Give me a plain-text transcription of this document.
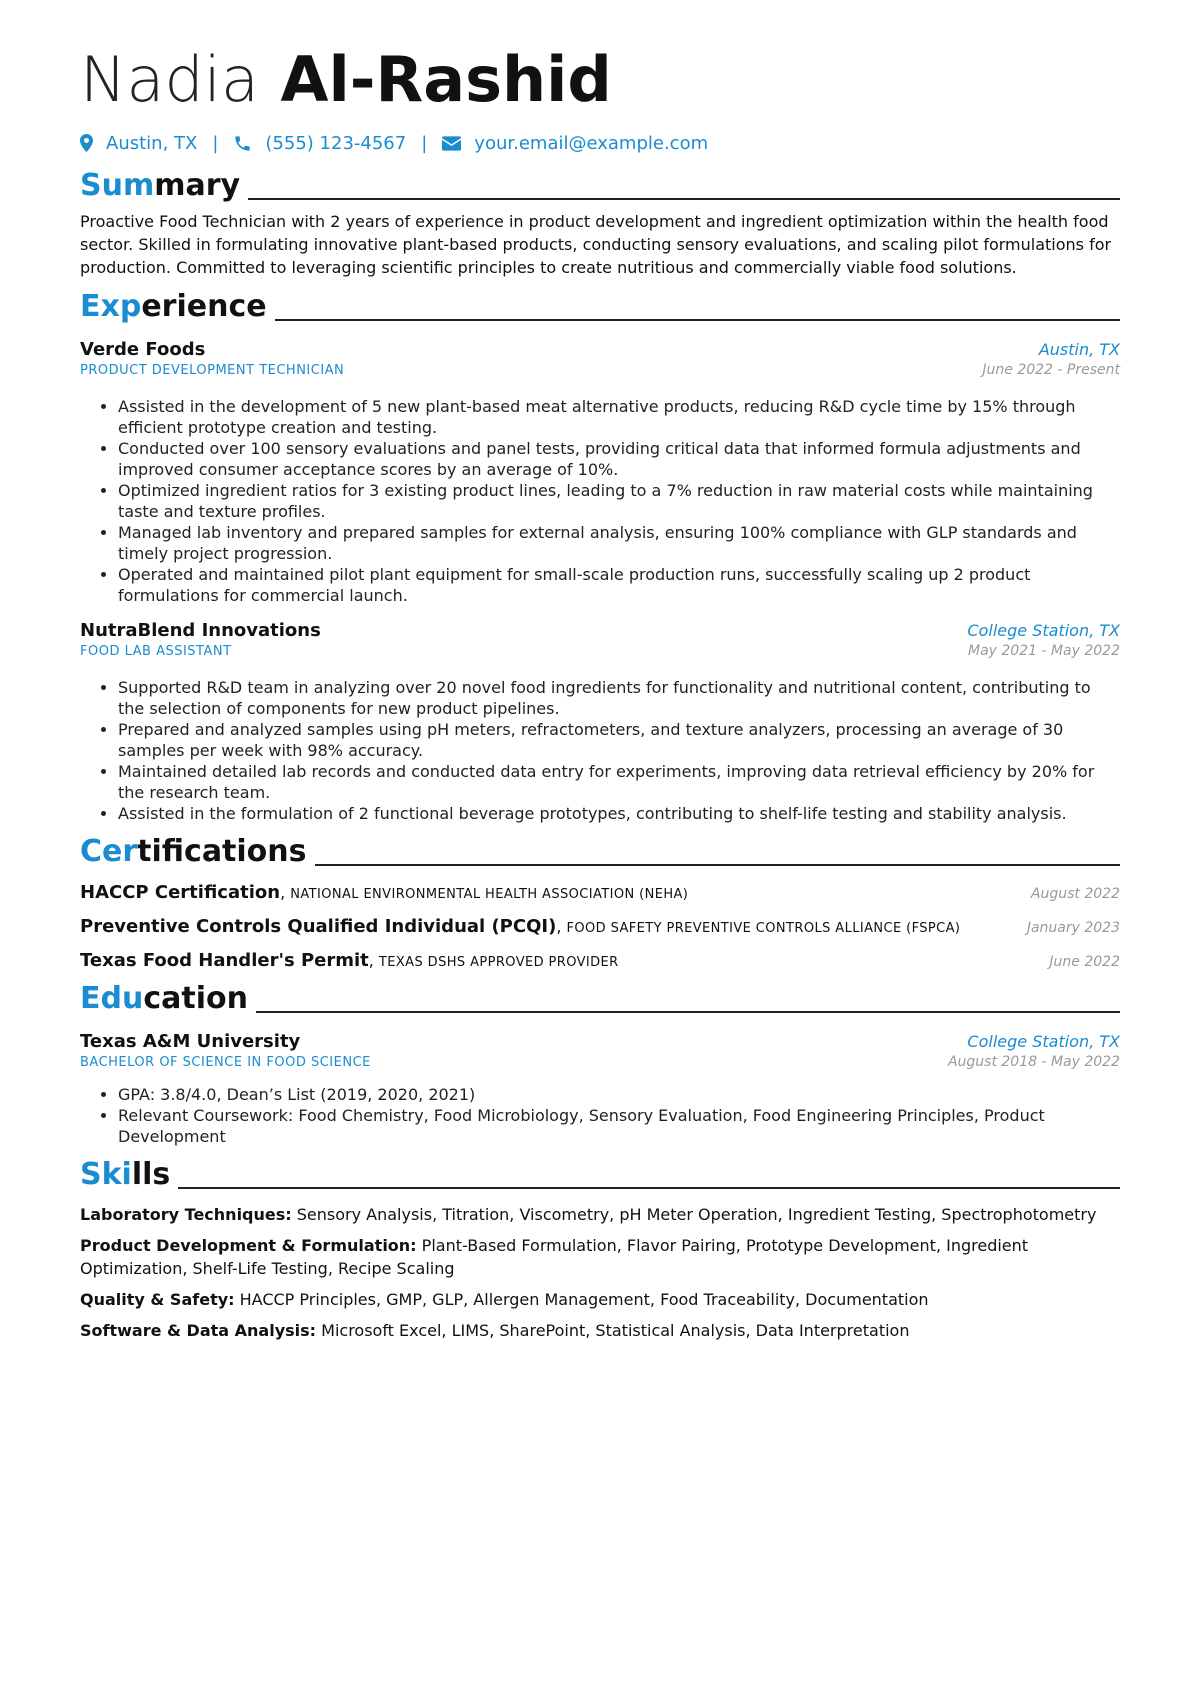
Nadia Al-Rashid
Austin, TX |	(555) 123-4567 |	your.email@example.com
Summary
Proactive Food Technician with 2 years of experience in product development and ingredient optimization within the health food sector. Skilled in formulating innovative plant-based products, conducting sensory evaluations, and scaling pilot formulations for production. Committed to leveraging scientific principles to create nutritious and commercially viable food solutions.
Experience
Verde Foods	Austin, TX
PRODUCT DEVELOPMENT TECHNICIAN	June 2022 - Present
• Assisted in the development of 5 new plant-based meat alternative products, reducing R&D cycle time by 15% through efficient prototype creation and testing.
• Conducted over 100 sensory evaluations and panel tests, providing critical data that informed formula adjustments and improved consumer acceptance scores by an average of 10%.
• Optimized ingredient ratios for 3 existing product lines, leading to a 7% reduction in raw material costs while maintaining taste and texture profiles.
• Managed lab inventory and prepared samples for external analysis, ensuring 100% compliance with GLP standards and timely project progression.
• Operated and maintained pilot plant equipment for small-scale production runs, successfully scaling up 2 product formulations for commercial launch.
NutraBlend Innovations	College Station, TX
FOOD LAB ASSISTANT	May 2021 - May 2022
• Supported R&D team in analyzing over 20 novel food ingredients for functionality and nutritional content, contributing to the selection of components for new product pipelines.
• Prepared and analyzed samples using pH meters, refractometers, and texture analyzers, processing an average of 30 samples per week with 98% accuracy.
• Maintained detailed lab records and conducted data entry for experiments, improving data retrieval efficiency by 20% for the research team.
• Assisted in the formulation of 2 functional beverage prototypes, contributing to shelf-life testing and stability analysis.
Certifications
HACCP Certification, NATIONAL ENVIRONMENTAL HEALTH ASSOCIATION (NEHA)	August 2022
Preventive Controls Qualified Individual (PCQI), FOOD SAFETY PREVENTIVE CONTROLS ALLIANCE (FSPCA)	January 2023
Texas Food Handler's Permit, TEXAS DSHS APPROVED PROVIDER	June 2022
Education
Texas A&M University	College Station, TX
BACHELOR OF SCIENCE IN FOOD SCIENCE	August 2018 - May 2022
• GPA: 3.8/4.0, Dean’s List (2019, 2020, 2021)
• Relevant Coursework: Food Chemistry, Food Microbiology, Sensory Evaluation, Food Engineering Principles, Product Development
Skills
Laboratory Techniques: Sensory Analysis, Titration, Viscometry, pH Meter Operation, Ingredient Testing, Spectrophotometry
Product Development & Formulation: Plant-Based Formulation, Flavor Pairing, Prototype Development, Ingredient Optimization, Shelf-Life Testing, Recipe Scaling
Quality & Safety: HACCP Principles, GMP, GLP, Allergen Management, Food Traceability, Documentation
Software & Data Analysis: Microsoft Excel, LIMS, SharePoint, Statistical Analysis, Data Interpretation
